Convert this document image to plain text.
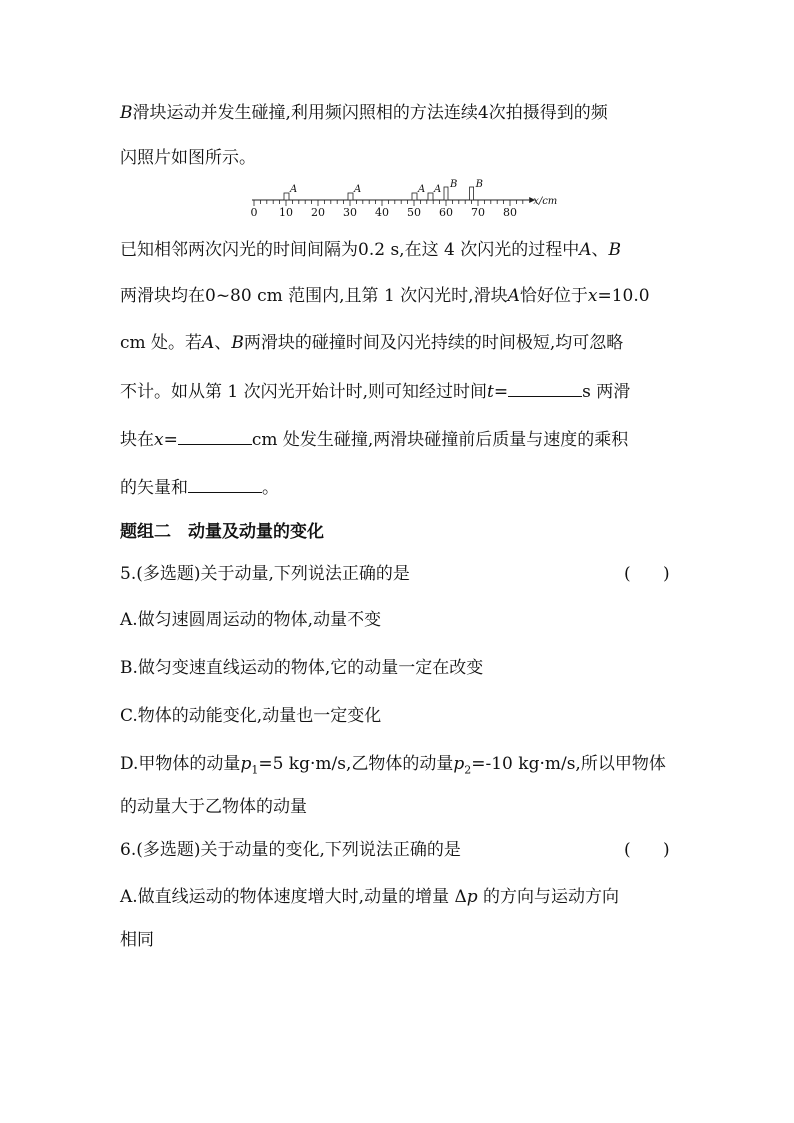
B滑块运动并发生碰撞,利用频闪照相的方法连续4次拍摄得到的频
闪照片如图所示。
0 10 20 30 40 50 60 70 80
x/cm
A	A	A A B B
已知相邻两次闪光的时间间隔为0.2 s,在这 4 次闪光的过程中A、B
两滑块均在0~80 cm 范围内,且第 1 次闪光时,滑块A恰好位于x=10.0
cm 处。若A、B两滑块的碰撞时间及闪光持续的时间极短,均可忽略
不计。如从第 1 次闪光开始计时,则可知经过时间t=	s 两滑
块在x=	cm 处发生碰撞,两滑块碰撞前后质量与速度的乘积
的矢量和	。
题组二　动量及动量的变化
5.(多选题)关于动量,下列说法正确的是	(      )
A.做匀速圆周运动的物体,动量不变
B.做匀变速直线运动的物体,它的动量一定在改变
C.物体的动能变化,动量也一定变化
D.甲物体的动量$p_1=5$ kg·m/s,乙物体的动量$p_2=-10$ kg·m/s,所以甲物体
的动量大于乙物体的动量
6.(多选题)关于动量的变化,下列说法正确的是	(      )
A.做直线运动的物体速度增大时,动量的增量 Δp 的方向与运动方向
相同
